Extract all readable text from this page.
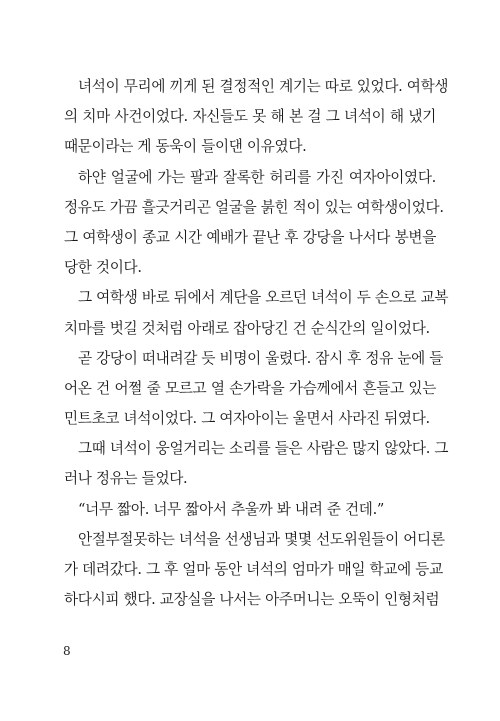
녀석이 무리에 끼게 된 결정적인 계기는 따로 있었다. 여학생
의 치마 사건이었다. 자신들도 못 해 본 걸 그 녀석이 해 냈기
때문이라는 게 동욱이 들이댄 이유였다.
하얀 얼굴에 가는 팔과 잘록한 허리를 가진 여자아이였다.
정유도 가끔 흘긋거리곤 얼굴을 붉힌 적이 있는 여학생이었다.
그 여학생이 종교 시간 예배가 끝난 후 강당을 나서다 봉변을
당한 것이다.
그 여학생 바로 뒤에서 계단을 오르던 녀석이 두 손으로 교복
치마를 벗길 것처럼 아래로 잡아당긴 건 순식간의 일이었다.
곧 강당이 떠내려갈 듯 비명이 울렸다. 잠시 후 정유 눈에 들
어온 건 어쩔 줄 모르고 열 손가락을 가슴께에서 흔들고 있는
민트초코 녀석이었다. 그 여자아이는 울면서 사라진 뒤였다.
그때 녀석이 웅얼거리는 소리를 들은 사람은 많지 않았다. 그
러나 정유는 들었다.
“너무 짧아. 너무 짧아서 추울까 봐 내려 준 건데.”
안절부절못하는 녀석을 선생님과 몇몇 선도위원들이 어디론
가 데려갔다. 그 후 얼마 동안 녀석의 엄마가 매일 학교에 등교
하다시피 했다. 교장실을 나서는 아주머니는 오뚝이 인형처럼
8
